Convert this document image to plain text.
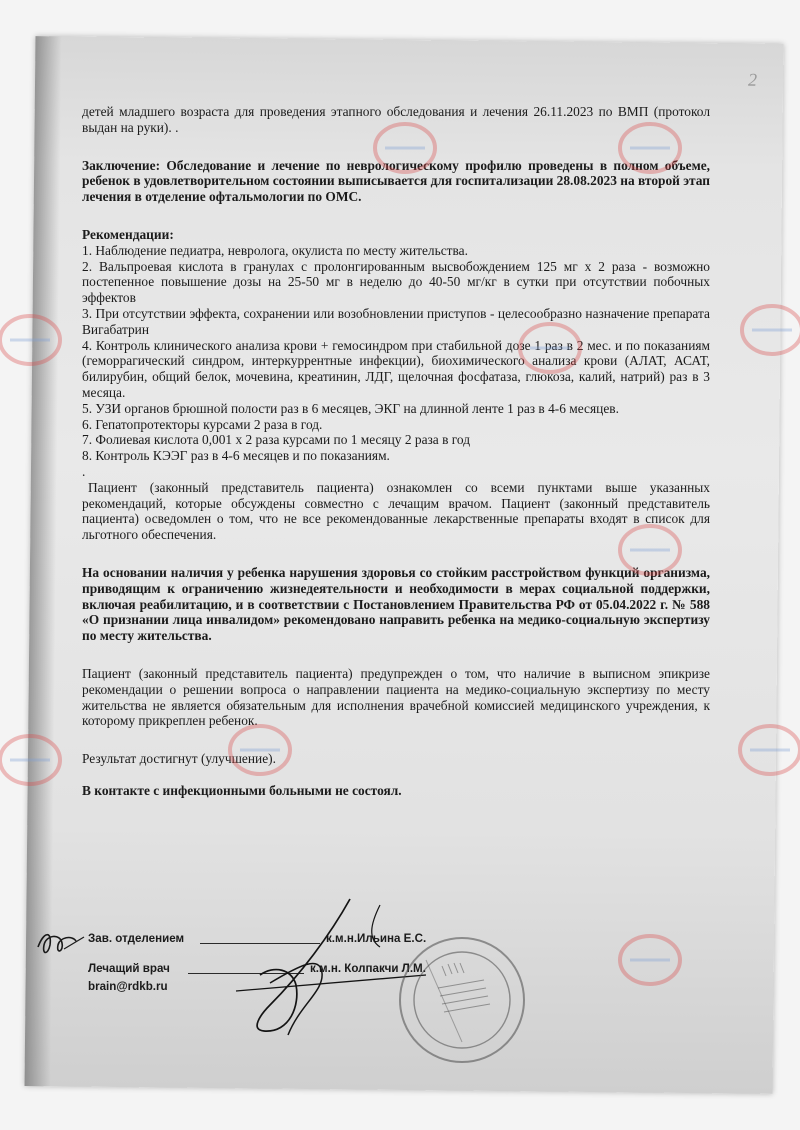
2

детей младшего возраста для проведения этапного обследования и лечения 26.11.2023 по ВМП (протокол выдан на руки). .

Заключение: Обследование и лечение по неврологическому профилю проведены в полном объеме, ребенок в удовлетворительном состоянии выписывается для госпитализации 28.08.2023 на второй этап лечения в отделение офтальмологии по ОМС.

Рекомендации:

1. Наблюдение педиатра, невролога, окулиста по месту жительства.

2. Вальпроевая кислота в гранулах с пролонгированным высвобождением 125 мг х 2 раза - возможно постепенное повышение дозы на 25-50 мг в неделю до 40-50 мг/кг в сутки при отсутствии побочных эффектов

3. При отсутствии эффекта, сохранении или возобновлении приступов - целесообразно назначение препарата Вигабатрин

4. Контроль клинического анализа крови + гемосиндром при стабильной дозе 1 раз в 2 мес. и по показаниям (геморрагический синдром, интеркуррентные инфекции), биохимического анализа крови (АЛАТ, АСАТ, билирубин, общий белок, мочевина, креатинин, ЛДГ, щелочная фосфатаза, глюкоза, калий, натрий) раз в 3 месяца.

5. УЗИ органов брюшной полости раз в 6 месяцев, ЭКГ на длинной ленте 1 раз в 4-6 месяцев.

6. Гепатопротекторы курсами 2 раза в год.

7. Фолиевая кислота 0,001 х 2 раза курсами по 1 месяцу 2 раза в год

8. Контроль КЭЭГ раз в 4-6 месяцев и по показаниям.

.

Пациент (законный представитель пациента) ознакомлен со всеми пунктами выше указанных рекомендаций, которые обсуждены совместно с лечащим врачом. Пациент (законный представитель пациента) осведомлен о том, что не все рекомендованные лекарственные препараты входят в список для льготного обеспечения.

На основании наличия у ребенка нарушения здоровья со стойким расстройством функций организма, приводящим к ограничению жизнедеятельности и необходимости в мерах социальной поддержки, включая реабилитацию, и в соответствии с Постановлением Правительства РФ от 05.04.2022 г. № 588 «О признании лица инвалидом» рекомендовано направить ребенка на медико-социальную экспертизу по месту жительства.

Пациент (законный представитель пациента) предупрежден о том, что наличие в выписном эпикризе рекомендации о решении вопроса о направлении пациента на медико-социальную экспертизу по месту жительства не является обязательным для исполнения врачебной комиссией медицинского учреждения, к которому прикреплен ребенок.

Результат достигнут (улучшение).

В контакте с инфекционными больными не состоял.

Зав. отделением	к.м.н.Ильина Е.С.
Лечащий врач	к.м.н. Колпакчи Л.М.
brain@rdkb.ru
